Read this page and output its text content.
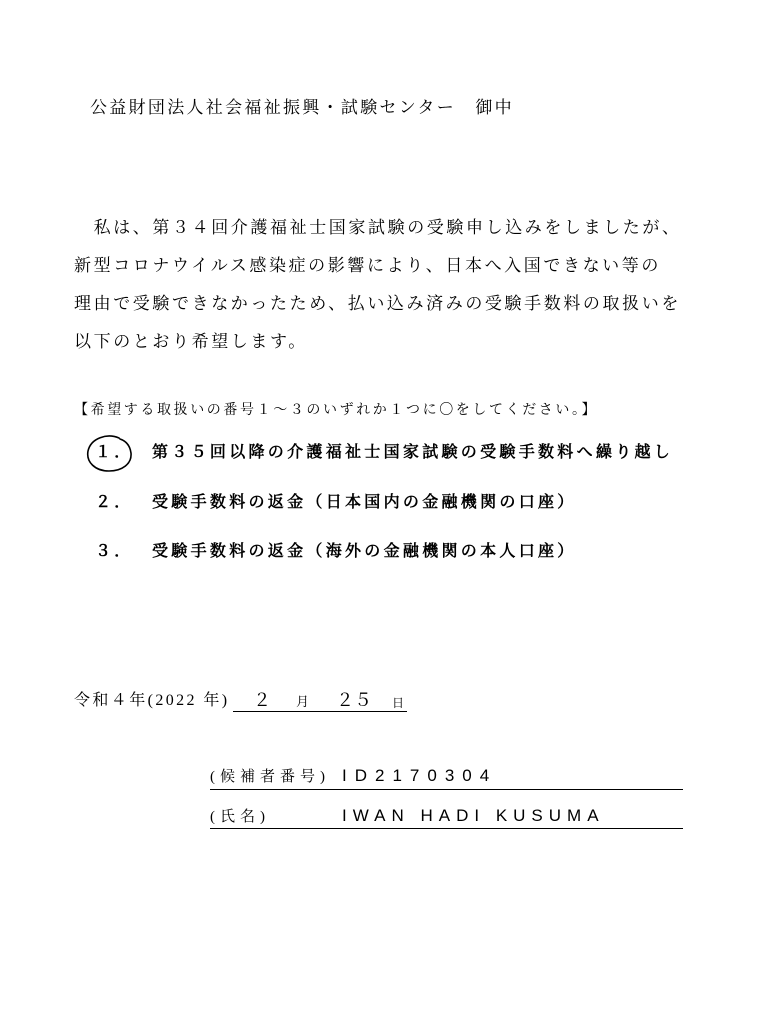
公益財団法人社会福祉振興・試験センター　御中
私は、第３４回介護福祉士国家試験の受験申し込みをしましたが、
新型コロナウイルス感染症の影響により、日本へ入国できない等の
理由で受験できなかったため、払い込み済みの受験手数料の取扱いを
以下のとおり希望します。
【希望する取扱いの番号１～３のいずれか１つに〇をしてください。】
１． 第３５回以降の介護福祉士国家試験の受験手数料へ繰り越し
２． 受験手数料の返金（日本国内の金融機関の口座）
３． 受験手数料の返金（海外の金融機関の本人口座）
令和４年(2022 年) ２ 月 ２５ 日
(候補者番号) ID2170304
(氏名)	IWAN HADI KUSUMA
